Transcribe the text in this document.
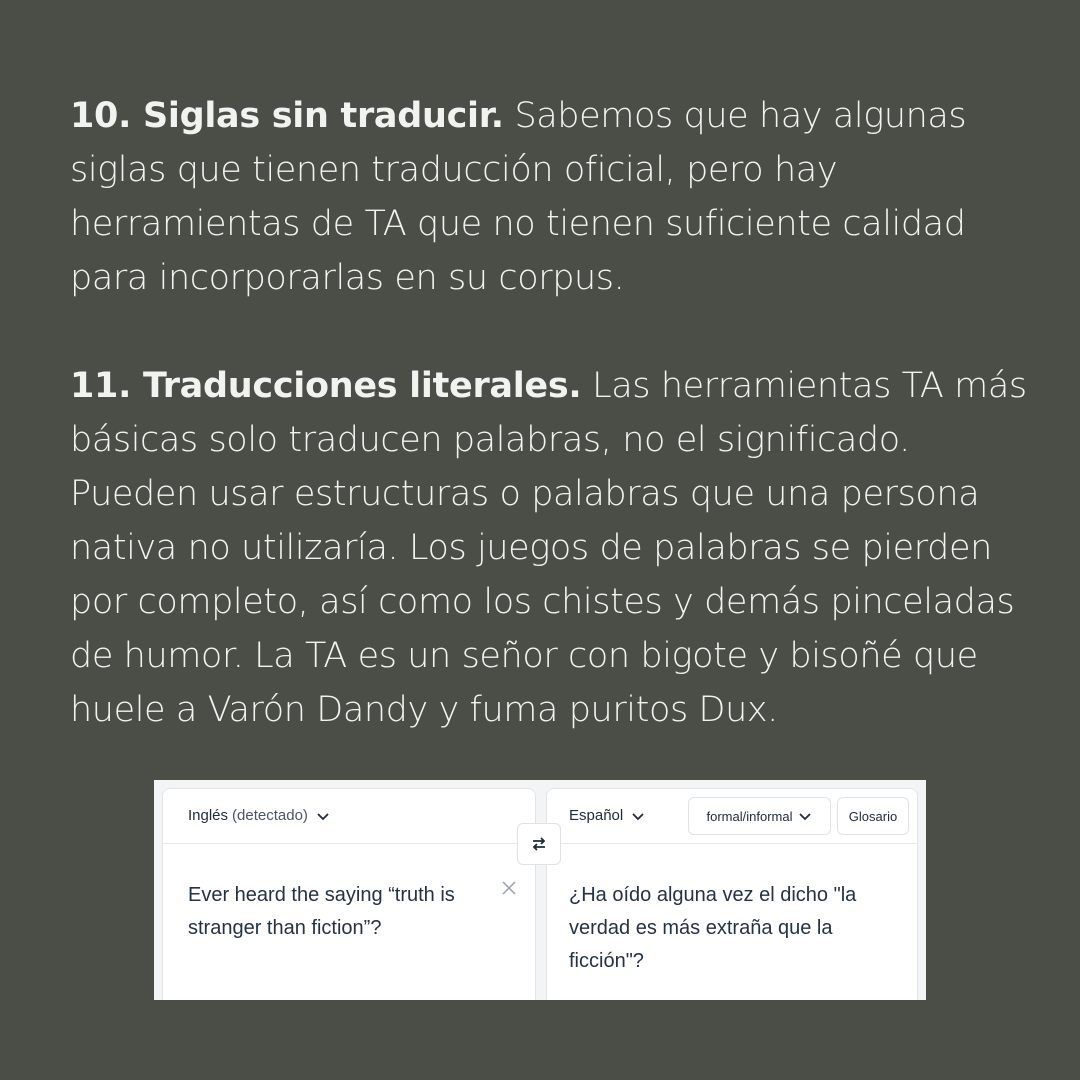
10. Siglas sin traducir. Sabemos que hay algunas siglas que tienen traducción oficial, pero hay herramientas de TA que no tienen suficiente calidad para incorporarlas en su corpus.
11. Traducciones literales. Las herramientas TA más básicas solo traducen palabras, no el significado. Pueden usar estructuras o palabras que una persona nativa no utilizaría. Los juegos de palabras se pierden por completo, así como los chistes y demás pinceladas de humor. La TA es un señor con bigote y bisoñé que huele a Varón Dandy y fuma puritos Dux.
Inglés (detectado)
Ever heard the saying “truth is stranger than fiction”?
Español	formal/informal	Glosario
¿Ha oído alguna vez el dicho "la verdad es más extraña que la ficción"?
